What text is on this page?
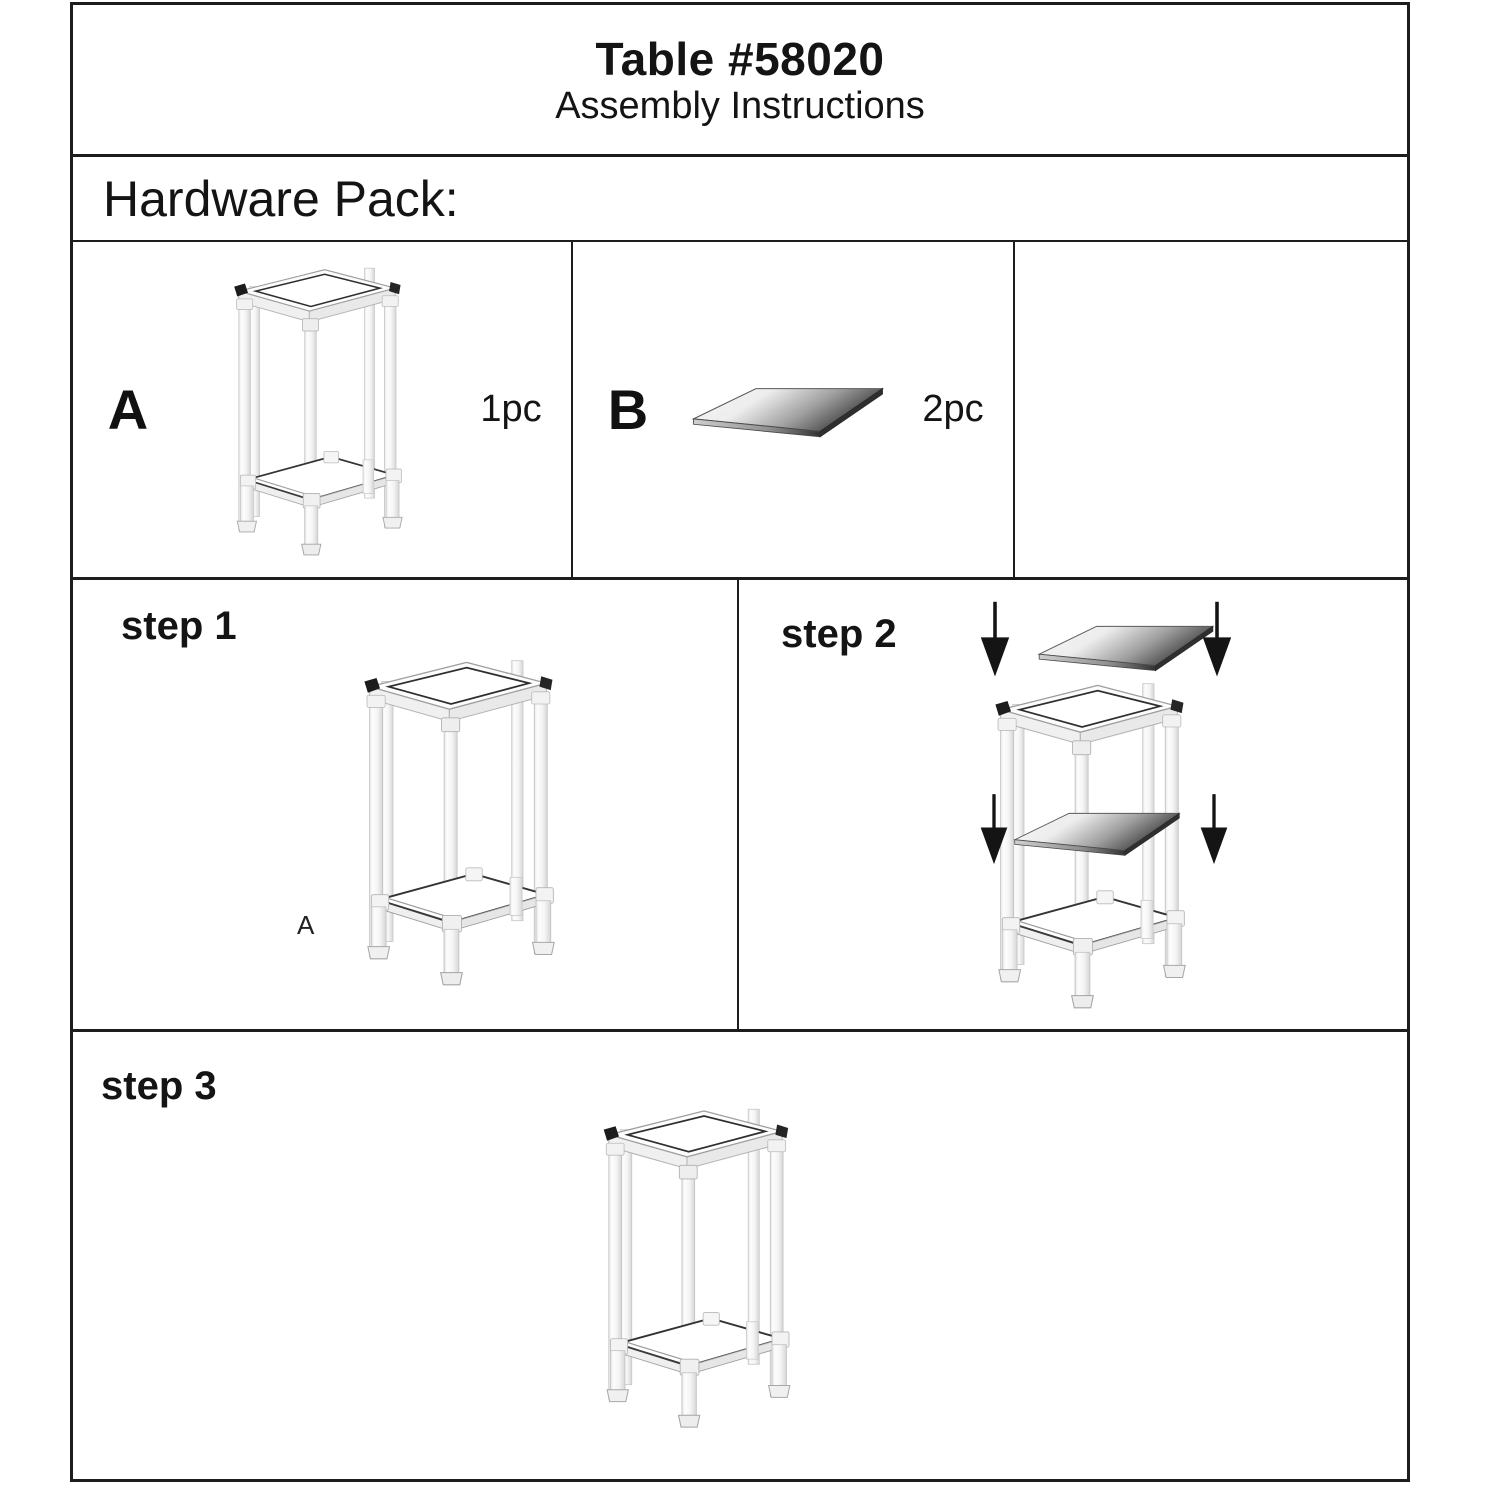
Table #58020
Assembly Instructions
Hardware Pack:
A	1pc	B	2pc
step 1
A
step 2
step 3
